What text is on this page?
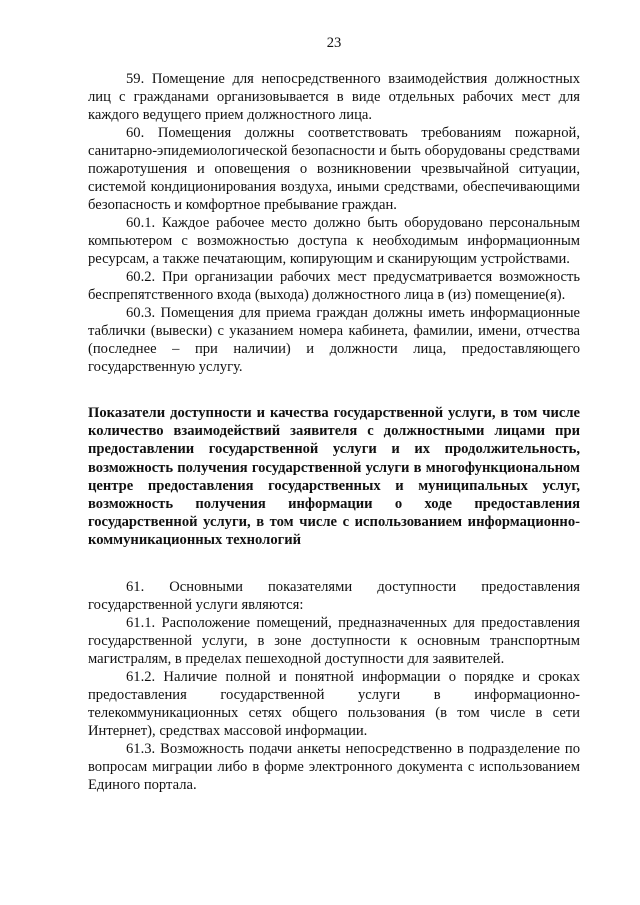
23

59. Помещение для непосредственного взаимодействия должностных лиц с гражданами организовывается в виде отдельных рабочих мест для каждого ведущего прием должностного лица.

60. Помещения должны соответствовать требованиям пожарной, санитарно-эпидемиологической безопасности и быть оборудованы средствами пожаротушения и оповещения о возникновении чрезвычайной ситуации, системой кондиционирования воздуха, иными средствами, обеспечивающими безопасность и комфортное пребывание граждан.

60.1. Каждое рабочее место должно быть оборудовано персональным компьютером с возможностью доступа к необходимым информационным ресурсам, а также печатающим, копирующим и сканирующим устройствами.

60.2. При организации рабочих мест предусматривается возможность беспрепятственного входа (выхода) должностного лица в (из) помещение(я).

60.3. Помещения для приема граждан должны иметь информационные таблички (вывески) с указанием номера кабинета, фамилии, имени, отчества (последнее – при наличии) и должности лица, предоставляющего государственную услугу.

Показатели доступности и качества государственной услуги, в том числе количество взаимодействий заявителя с должностными лицами при предоставлении государственной услуги и их продолжительность, возможность получения государственной услуги в многофункциональном центре предоставления государственных и муниципальных услуг, возможность получения информации о ходе предоставления государственной услуги, в том числе с использованием информационно-коммуникационных технологий

61. Основными показателями доступности предоставления государственной услуги являются:

61.1. Расположение помещений, предназначенных для предоставления государственной услуги, в зоне доступности к основным транспортным магистралям, в пределах пешеходной доступности для заявителей.

61.2. Наличие полной и понятной информации о порядке и сроках предоставления государственной услуги в информационно-телекоммуникационных сетях общего пользования (в том числе в сети Интернет), средствах массовой информации.

61.3. Возможность подачи анкеты непосредственно в подразделение по вопросам миграции либо в форме электронного документа с использованием Единого портала.
